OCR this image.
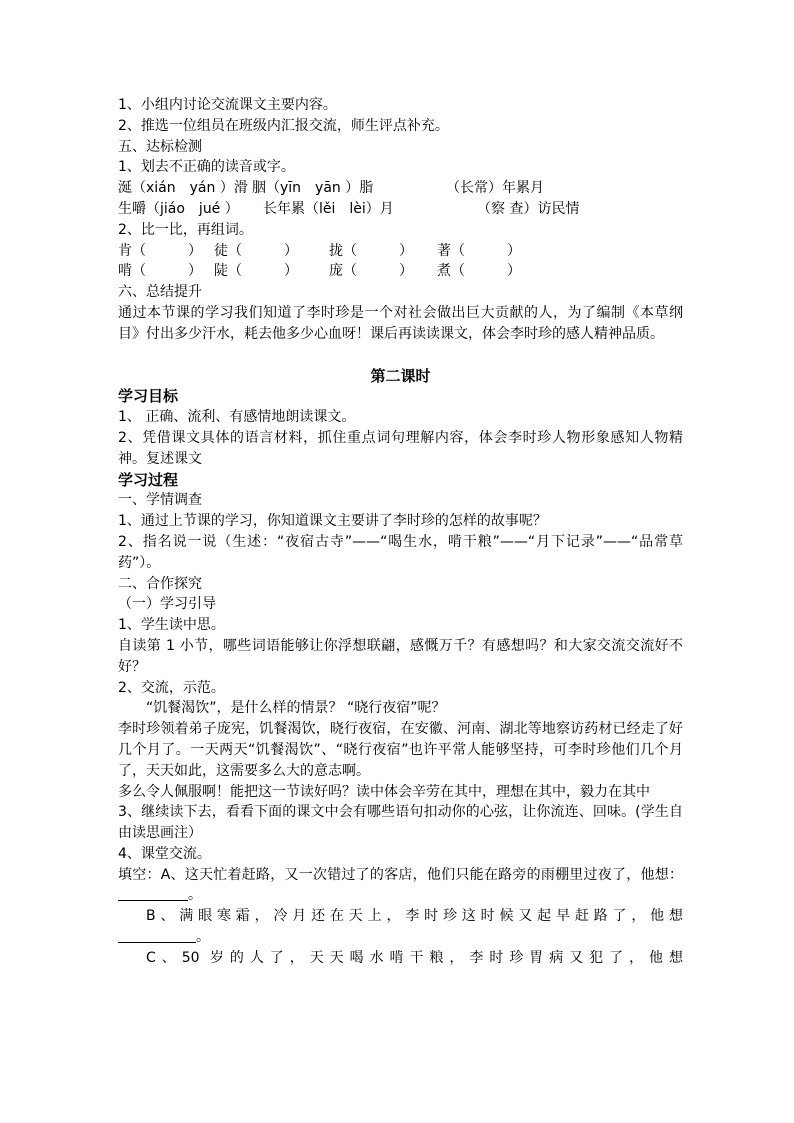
1、小组内讨论交流课文主要内容。
2、推选一位组员在班级内汇报交流，师生评点补充。
五、达标检测
1、划去不正确的读音或字。
涎（xián　yán ）滑 胭（yīn　yān ）脂	（长常）年累月
生嚼（jiáo　jué ） 长年累（lěi　lèi）月	（察 查）访民情
2、比一比，再组词。
肯（　　　） 徒（　　　） 拢（　　　） 著（　　　）
啃（　　　） 陡（　　　） 庞（　　　） 煮（　　　）
六、总结提升
通过本节课的学习我们知道了李时珍是一个对社会做出巨大贡献的人，为了编制《本草纲目》付出多少汗水，耗去他多少心血呀！课后再读读课文，体会李时珍的感人精神品质。
第二课时
学习目标
1、 正确、流利、有感情地朗读课文。
2、凭借课文具体的语言材料，抓住重点词句理解内容，体会李时珍人物形象感知人物精神。复述课文
学习过程
一、学情调查
1、通过上节课的学习，你知道课文主要讲了李时珍的怎样的故事呢？
2、指名说一说（生述：“夜宿古寺”——“喝生水，啃干粮”——“月下记录”——“品常草药”）。
二、合作探究
（一）学习引导
1、学生读中思。
自读第 1 小节，哪些词语能够让你浮想联翩，感慨万千？有感想吗？和大家交流交流好不好？
2、交流，示范。
“饥餐渴饮”，是什么样的情景？ “晓行夜宿”呢？
李时珍领着弟子庞宪，饥餐渴饮，晓行夜宿，在安徽、河南、湖北等地察访药材已经走了好几个月了。一天两天“饥餐渴饮”、“晓行夜宿”也许平常人能够坚持，可李时珍他们几个月了，天天如此，这需要多么大的意志啊。
多么令人佩服啊！能把这一节读好吗？读中体会辛劳在其中，理想在其中，毅力在其中
3、继续读下去，看看下面的课文中会有哪些语句扣动你的心弦，让你流连、回味。(学生自由读思画注）
4、课堂交流。
填空：A、这天忙着赶路，又一次错过了的客店，他们只能在路旁的雨棚里过夜了，他想：。
B、满眼寒霜，冷月还在天上，李时珍这时候又起早赶路了，他想
。
C、50 岁的人了，天天喝水啃干粮，李时珍胃病又犯了，他想
